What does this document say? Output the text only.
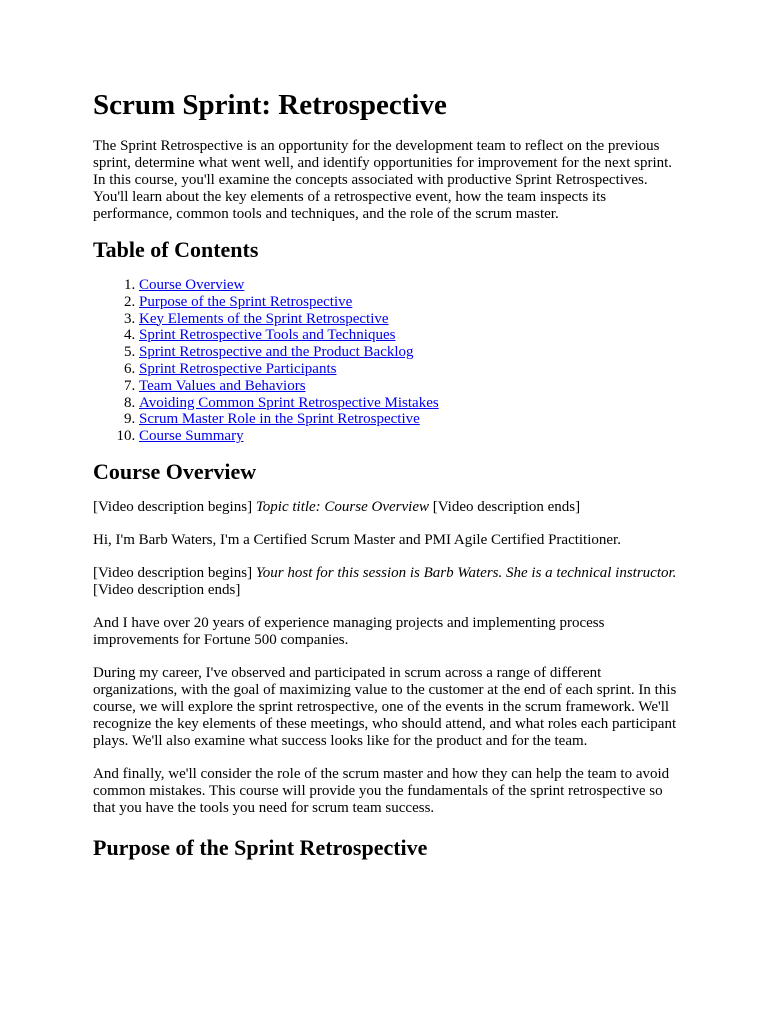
Scrum Sprint: Retrospective

The Sprint Retrospective is an opportunity for the development team to reflect on the previous sprint, determine what went well, and identify opportunities for improvement for the next sprint. In this course, you'll examine the concepts associated with productive Sprint Retrospectives. You'll learn about the key elements of a retrospective event, how the team inspects its performance, common tools and techniques, and the role of the scrum master.

Table of Contents
1. Course Overview
2. Purpose of the Sprint Retrospective
3. Key Elements of the Sprint Retrospective
4. Sprint Retrospective Tools and Techniques
5. Sprint Retrospective and the Product Backlog
6. Sprint Retrospective Participants
7. Team Values and Behaviors
8. Avoiding Common Sprint Retrospective Mistakes
9. Scrum Master Role in the Sprint Retrospective
10. Course Summary
Course Overview

[Video description begins] Topic title: Course Overview [Video description ends]

Hi, I'm Barb Waters, I'm a Certified Scrum Master and PMI Agile Certified Practitioner.

[Video description begins] Your host for this session is Barb Waters. She is a technical instructor. [Video description ends]

And I have over 20 years of experience managing projects and implementing process improvements for Fortune 500 companies.

During my career, I've observed and participated in scrum across a range of different organizations, with the goal of maximizing value to the customer at the end of each sprint. In this course, we will explore the sprint retrospective, one of the events in the scrum framework. We'll recognize the key elements of these meetings, who should attend, and what roles each participant plays. We'll also examine what success looks like for the product and for the team.

And finally, we'll consider the role of the scrum master and how they can help the team to avoid common mistakes. This course will provide you the fundamentals of the sprint retrospective so that you have the tools you need for scrum team success.

Purpose of the Sprint Retrospective
